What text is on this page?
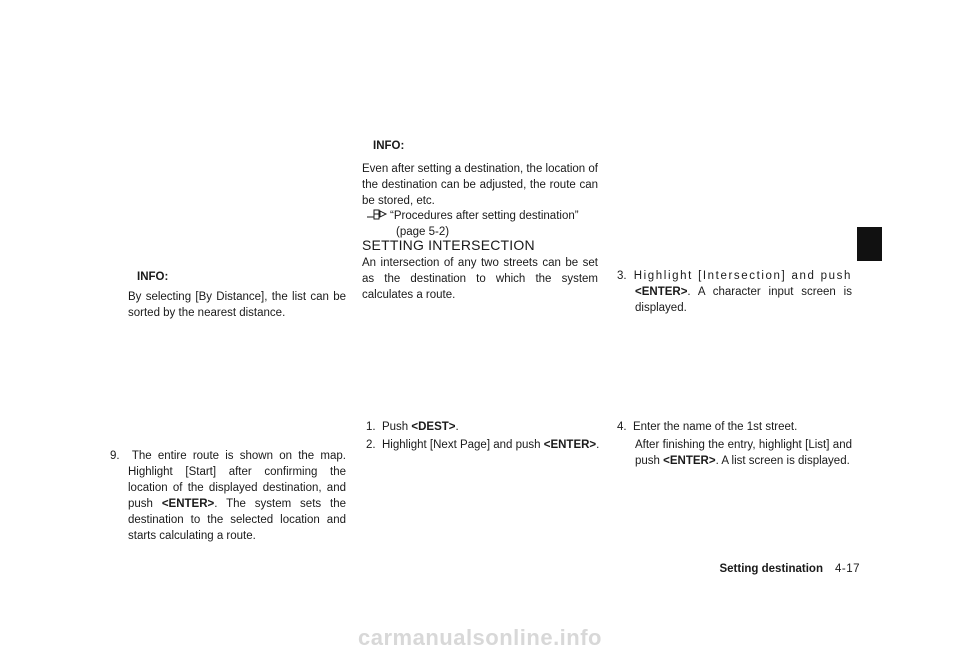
INFO:
By selecting [By Distance], the list can be sorted by the nearest distance.
9. The entire route is shown on the map. Highlight [Start] after confirming the location of the displayed destination, and push <ENTER>. The system sets the destination to the selected location and starts calculating a route.
INFO:
Even after setting a destination, the location of the destination can be adjusted, the route can be stored, etc.
“Procedures after setting destination”
(page 5-2)
SETTING INTERSECTION
An intersection of any two streets can be set as the destination to which the system calculates a route.
1. Push <DEST>.
2. Highlight [Next Page] and push <ENTER>.
3. Highlight [Intersection] and push <ENTER>. A character input screen is displayed.
4. Enter the name of the 1st street.
After finishing the entry, highlight [List] and push <ENTER>. A list screen is displayed.
Setting destination 4-17
carmanualsonline.info
